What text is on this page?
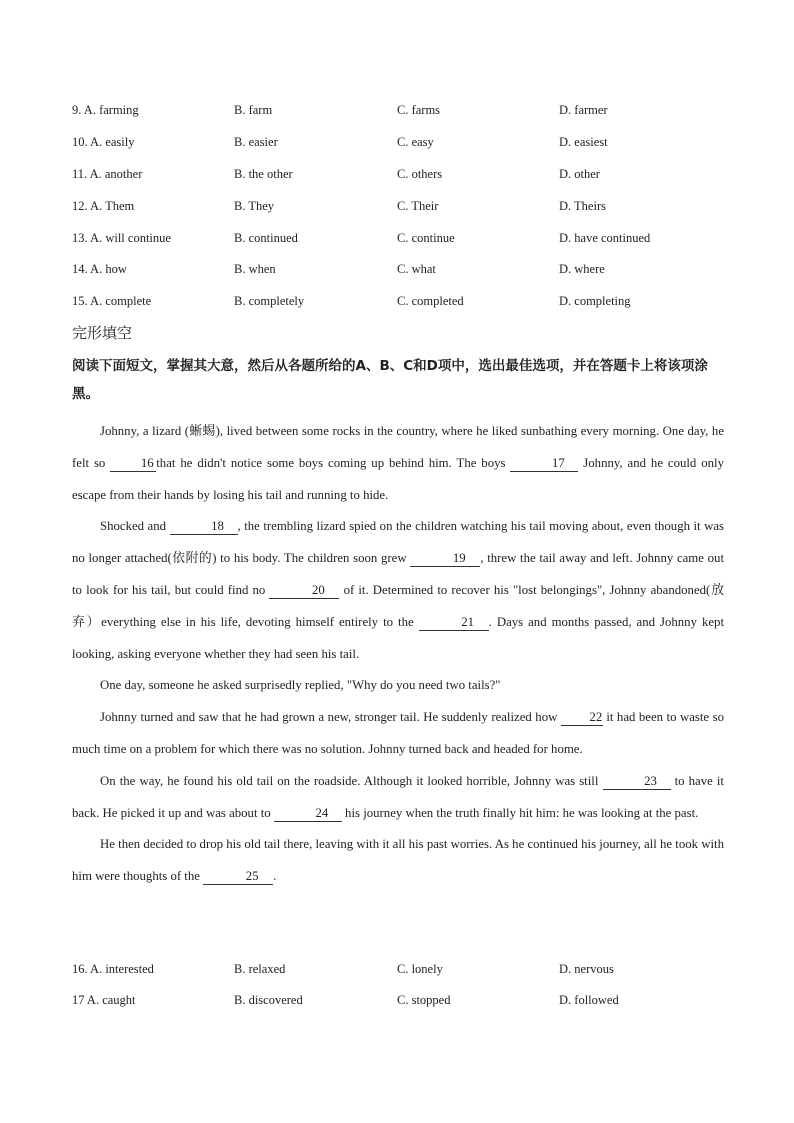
9. A. farming	B. farm	C. farms	D. farmer
10. A. easily	B. easier	C. easy	D. easiest
11. A. another	B. the other	C. others	D. other
12. A. Them	B. They	C. Their	D. Theirs
13. A. will continue	B. continued	C. continue	D. have continued
14. A. how	B. when	C. what	D. where
15. A. complete	B. completely	C. completed	D. completing
完形填空
阅读下面短文，掌握其大意，然后从各题所给的A、B、C和D项中，选出最佳选项，并在答题卡上将该项涂黑。

Johnny, a lizard (蜥蜴), lived between some rocks in the country, where he liked sunbathing every morning. One day, he felt so 16 that he didn't notice some boys coming up behind him. The boys	17 Johnny, and he could only escape from their hands by losing his tail and running to hide.

Shocked and	18 , the trembling lizard spied on the children watching his tail moving about, even though it was no longer attached(依附的) to his body. The children soon grew	19 , threw the tail away and left. Johnny came out to look for his tail, but could find no	20 of it. Determined to recover his "lost belongings", Johnny abandoned(放弃）everything else in his life, devoting himself entirely to the	21 . Days and months passed, and Johnny kept looking, asking everyone whether they had seen his tail.

One day, someone he asked surprisedly replied, "Why do you need two tails?"

Johnny turned and saw that he had grown a new, stronger tail. He suddenly realized how 22 it had been to waste so much time on a problem for which there was no solution. Johnny turned back and headed for home.

On the way, he found his old tail on the roadside. Although it looked horrible, Johnny was still	23 to have it back. He picked it up and was about to	24 his journey when the truth finally hit him: he was looking at the past.

He then decided to drop his old tail there, leaving with it all his past worries. As he continued his journey, all he took with him were thoughts of the	25 .

16. A. interested	B. relaxed	C. lonely	D. nervous
17 A. caught	B. discovered	C. stopped	D. followed
